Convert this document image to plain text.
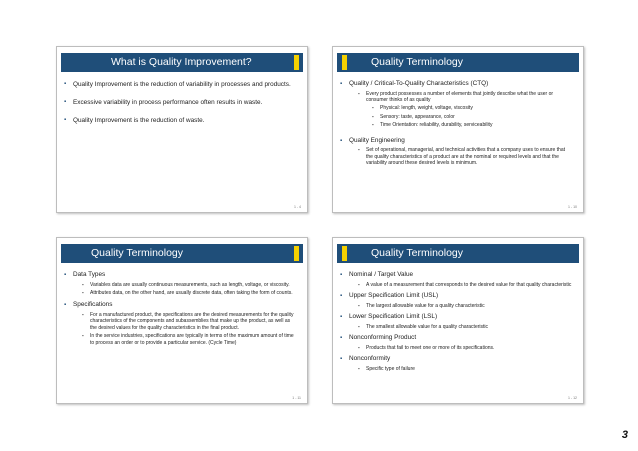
What is Quality Improvement?
▪ Quality Improvement is the reduction of variability in processes and products.
▪ Excessive variability in process performance often results in waste.
▪ Quality Improvement is the reduction of waste.
1 - 4
Quality Terminology
▪ Quality / Critical-To-Quality Characteristics (CTQ)
▪ Every product possesses a number of elements that jointly describe what the user or consumer thinks of as quality
▪ Physical: length, weight, voltage, viscosity
▪ Sensory: taste, appearance, color
▪ Time Orientation: reliability, durability, serviceability
▪ Quality Engineering
▪ Set of operational, managerial, and technical activities that a company uses to ensure that the quality characteristics of a product are at the nominal or required levels and that the variability around these desired levels is minimum.
1 - 10
Quality Terminology
▪ Data Types
▪ Variables data are usually continuous measurements, such as length, voltage, or viscosity.
▪ Attributes data, on the other hand, are usually discrete data, often taking the form of counts.
▪ Specifications
▪ For a manufactured product, the specifications are the desired measurements for the quality characteristics of the components and subassemblies that make up the product, as well as the desired values for the quality characteristics in the final product.
▪ In the service industries, specifications are typically in terms of the maximum amount of time to process an order or to provide a particular service. (Cycle Time)
1 - 11
Quality Terminology
▪ Nominal / Target Value
▪ A value of a measurement that corresponds to the desired value for that quality characteristic
▪ Upper Specification Limit (USL)
▪ The largest allowable value for a quality characteristic
▪ Lower Specification Limit (LSL)
▪ The smallest allowable value for a quality characteristic
▪ Nonconforming Product
▪ Products that fail to meet one or more of its specifications.
▪ Nonconformity
▪ Specific type of failure
1 - 12
3
